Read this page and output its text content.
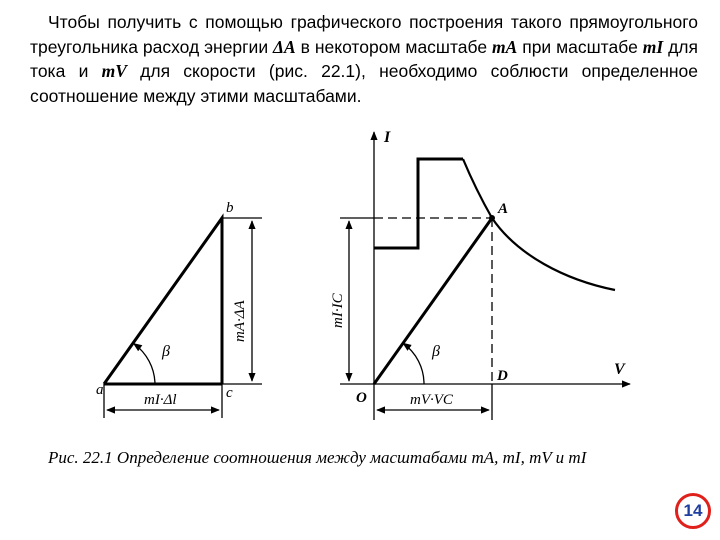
Чтобы получить с помощью графического построения такого прямоугольного треугольника расход энергии ΔA в некотором масштабе mA при масштабе mI для тока и mV для скорости (рис. 22.1), необходимо соблюсти определенное соотношение между этими масштабами.
a
b
c
β
mA·ΔA
mI·Δl
I
V
O
A
D
β
mI·IC
mV·VC
Рис. 22.1 Определение соотношения между масштабами mA, mI, mV и mI
14
